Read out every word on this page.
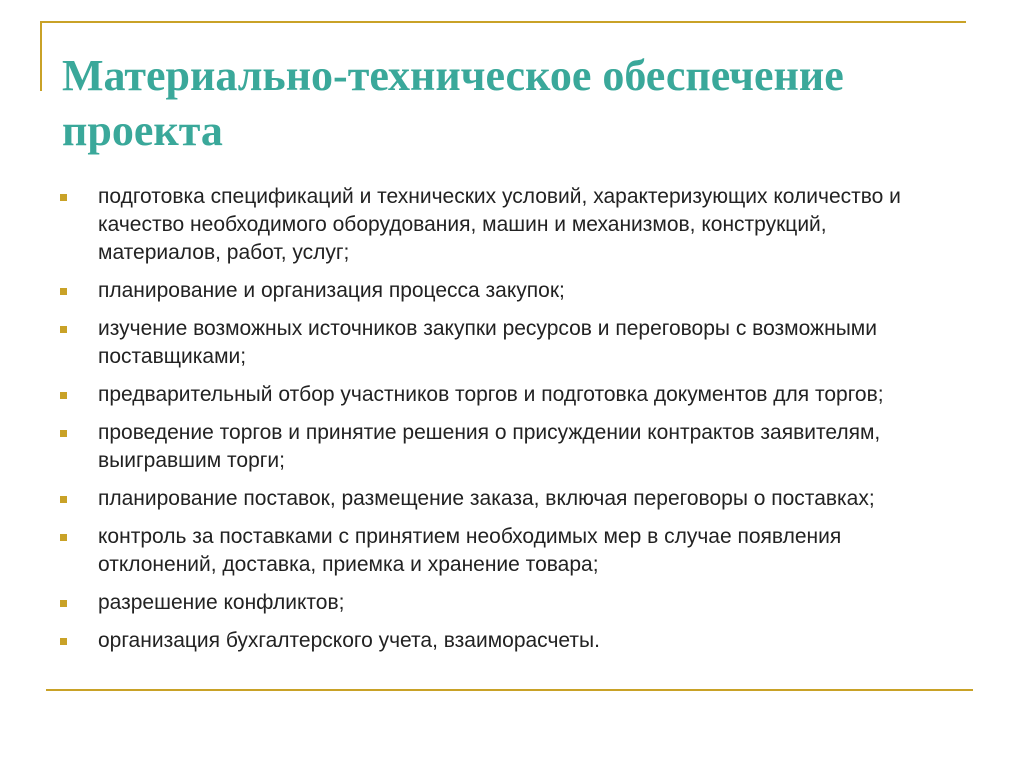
Материально-техническое обеспечение проекта
подготовка спецификаций и технических условий, характеризующих количество и качество необходимого оборудования, машин и механизмов, конструкций, материалов, работ, услуг;
планирование и организация процесса закупок;
изучение возможных источников закупки ресурсов и переговоры с возможными поставщиками;
предварительный отбор участников торгов и подготовка документов для торгов;
проведение торгов и принятие решения о присуждении контрактов заявителям, выигравшим торги;
планирование поставок, размещение заказа, включая переговоры о поставках;
контроль за поставками с принятием необходимых мер в случае появления отклонений, доставка, приемка и хранение товара;
разрешение конфликтов;
организация бухгалтерского учета, взаиморасчеты.
